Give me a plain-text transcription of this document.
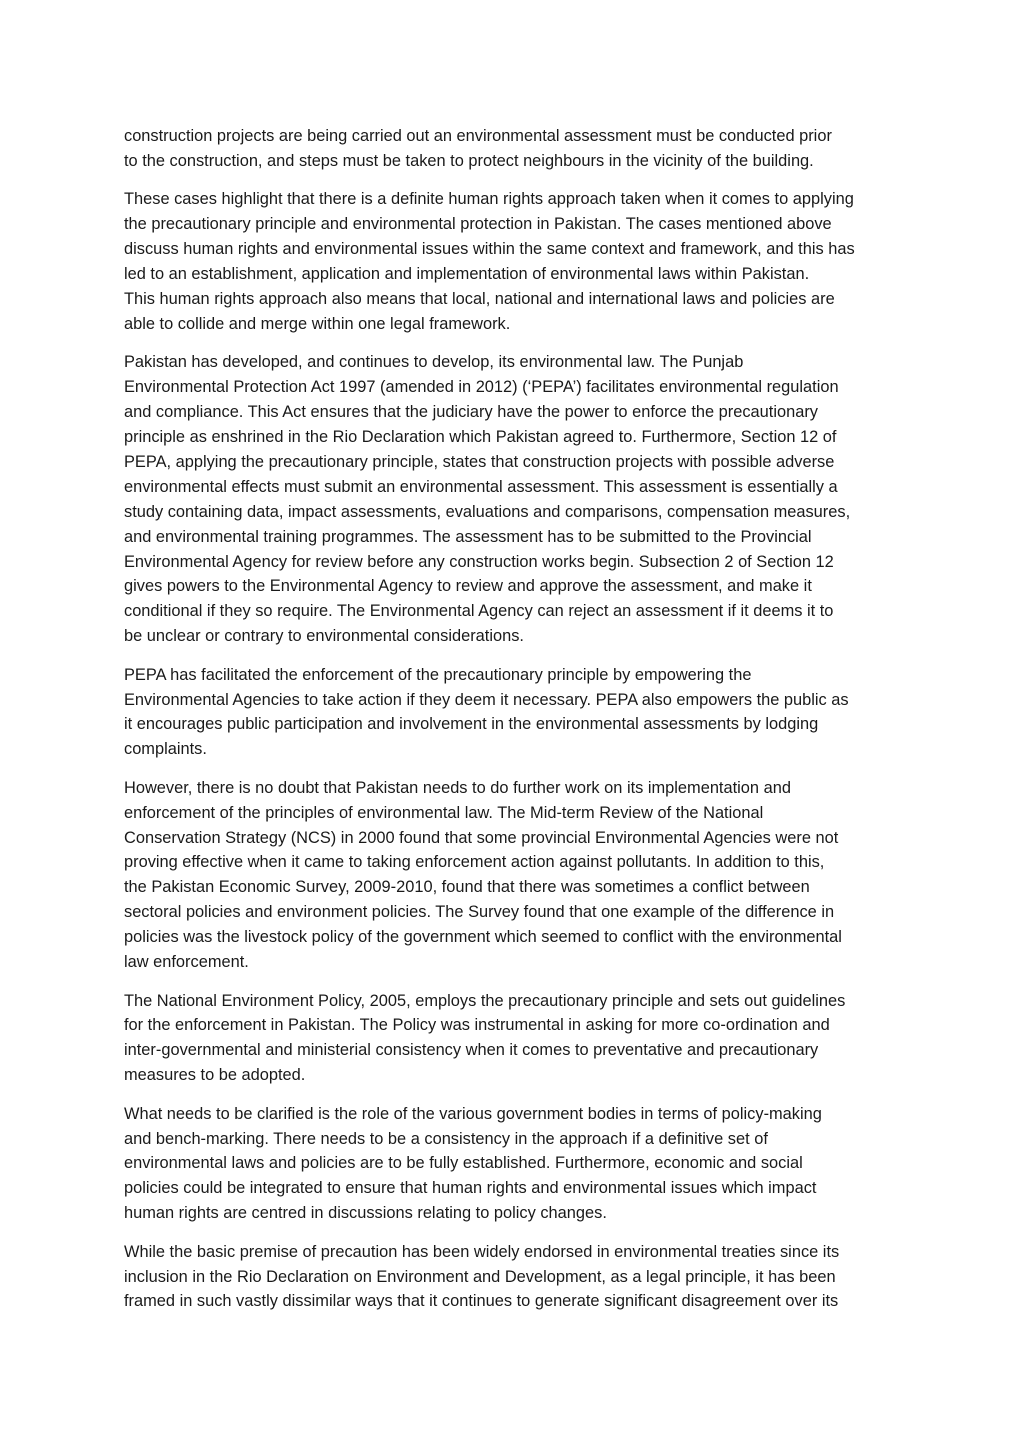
construction projects are being carried out an environmental assessment must be conducted prior
to the construction, and steps must be taken to protect neighbours in the vicinity of the building.

These cases highlight that there is a definite human rights approach taken when it comes to applying
the precautionary principle and environmental protection in Pakistan. The cases mentioned above
discuss human rights and environmental issues within the same context and framework, and this has
led to an establishment, application and implementation of environmental laws within Pakistan.
This human rights approach also means that local, national and international laws and policies are
able to collide and merge within one legal framework.

Pakistan has developed, and continues to develop, its environmental law. The Punjab
Environmental Protection Act 1997 (amended in 2012) (‘PEPA’) facilitates environmental regulation
and compliance. This Act ensures that the judiciary have the power to enforce the precautionary
principle as enshrined in the Rio Declaration which Pakistan agreed to. Furthermore, Section 12 of
PEPA, applying the precautionary principle, states that construction projects with possible adverse
environmental effects must submit an environmental assessment. This assessment is essentially a
study containing data, impact assessments, evaluations and comparisons, compensation measures,
and environmental training programmes. The assessment has to be submitted to the Provincial
Environmental Agency for review before any construction works begin. Subsection 2 of Section 12
gives powers to the Environmental Agency to review and approve the assessment, and make it
conditional if they so require. The Environmental Agency can reject an assessment if it deems it to
be unclear or contrary to environmental considerations.

PEPA has facilitated the enforcement of the precautionary principle by empowering the
Environmental Agencies to take action if they deem it necessary. PEPA also empowers the public as
it encourages public participation and involvement in the environmental assessments by lodging
complaints.

However, there is no doubt that Pakistan needs to do further work on its implementation and
enforcement of the principles of environmental law. The Mid-term Review of the National
Conservation Strategy (NCS) in 2000 found that some provincial Environmental Agencies were not
proving effective when it came to taking enforcement action against pollutants. In addition to this,
the Pakistan Economic Survey, 2009-2010, found that there was sometimes a conflict between
sectoral policies and environment policies. The Survey found that one example of the difference in
policies was the livestock policy of the government which seemed to conflict with the environmental
law enforcement.

The National Environment Policy, 2005, employs the precautionary principle and sets out guidelines
for the enforcement in Pakistan. The Policy was instrumental in asking for more co-ordination and
inter-governmental and ministerial consistency when it comes to preventative and precautionary
measures to be adopted.

What needs to be clarified is the role of the various government bodies in terms of policy-making
and bench-marking. There needs to be a consistency in the approach if a definitive set of
environmental laws and policies are to be fully established. Furthermore, economic and social
policies could be integrated to ensure that human rights and environmental issues which impact
human rights are centred in discussions relating to policy changes.

While the basic premise of precaution has been widely endorsed in environmental treaties since its
inclusion in the Rio Declaration on Environment and Development, as a legal principle, it has been
framed in such vastly dissimilar ways that it continues to generate significant disagreement over its
